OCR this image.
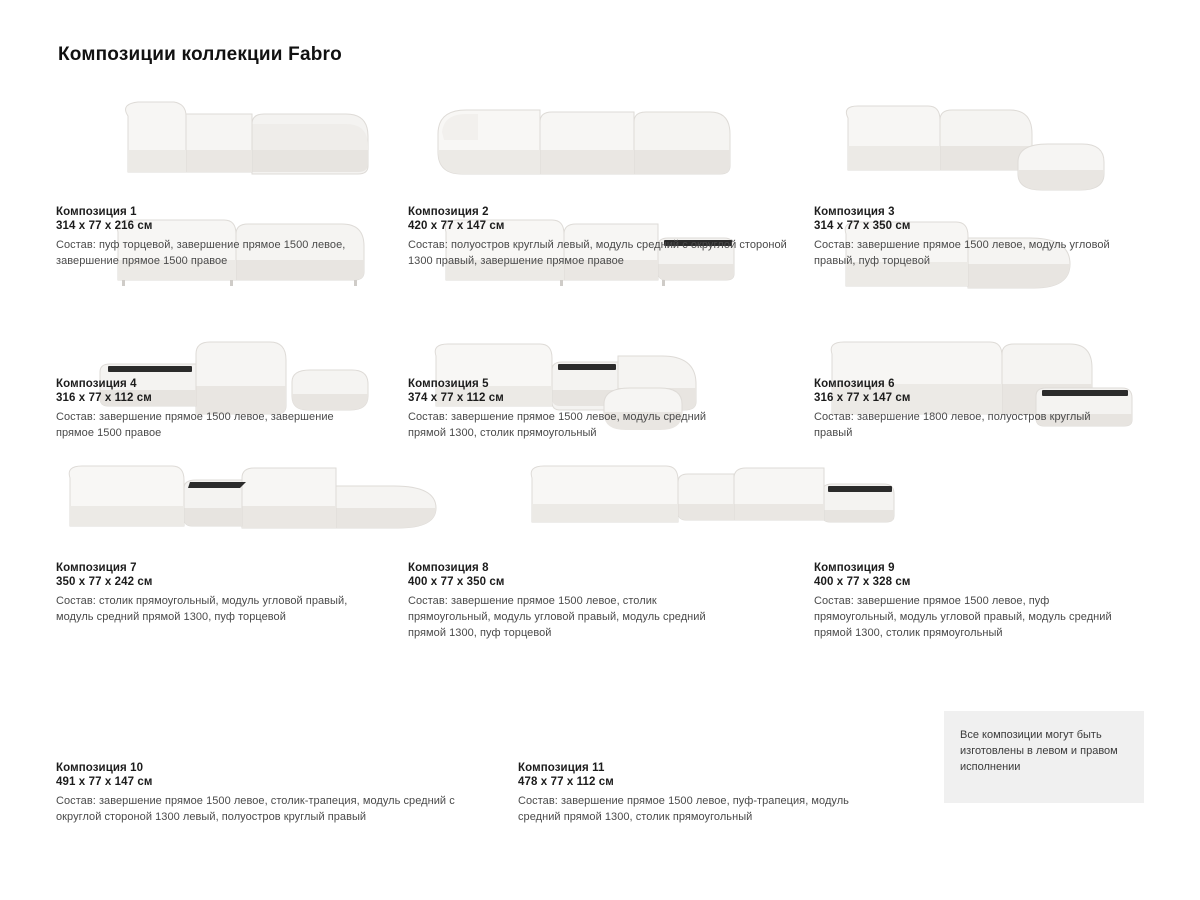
Композиции коллекции Fabro
Композиция 1
314 х 77 х 216 см
Состав: пуф торцевой, завершение прямое 1500 левое, завершение прямое 1500 правое
Композиция 2
420 х 77 х 147 см
Состав: полуостров круглый левый, модуль средний с округлой стороной 1300 правый, завершение прямое правое
Композиция 3
314 х 77 х 350 см
Состав: завершение прямое 1500 левое, модуль угловой правый, пуф торцевой
Композиция 4
316 х 77 х 112 см
Состав: завершение прямое 1500 левое, завершение прямое 1500 правое
Композиция 5
374 х 77 х 112 см
Состав: завершение прямое 1500 левое, модуль средний прямой 1300, столик прямоугольный
Композиция 6
316 х 77 х 147 см
Состав: завершение 1800 левое, полуостров круглый правый
Композиция 7
350 х 77 х 242 см
Состав: столик прямоугольный, модуль угловой правый, модуль средний прямой 1300, пуф торцевой
Композиция 8
400 х 77 х 350 см
Состав: завершение прямое 1500 левое, столик прямоугольный, модуль угловой правый, модуль средний прямой 1300, пуф торцевой
Композиция 9
400 х 77 х 328 см
Состав: завершение прямое 1500 левое, пуф прямоугольный, модуль угловой правый, модуль средний прямой 1300, столик прямоугольный
Композиция 10
491 х 77 х 147 см
Состав: завершение прямое 1500 левое, столик-трапеция, модуль средний с округлой стороной 1300 левый, полуостров круглый правый
Композиция 11
478 х 77 х 112 см
Состав: завершение прямое 1500 левое, пуф-трапеция, модуль средний прямой 1300, столик прямоугольный

Все композиции могут быть изготовлены в левом и правом исполнении
